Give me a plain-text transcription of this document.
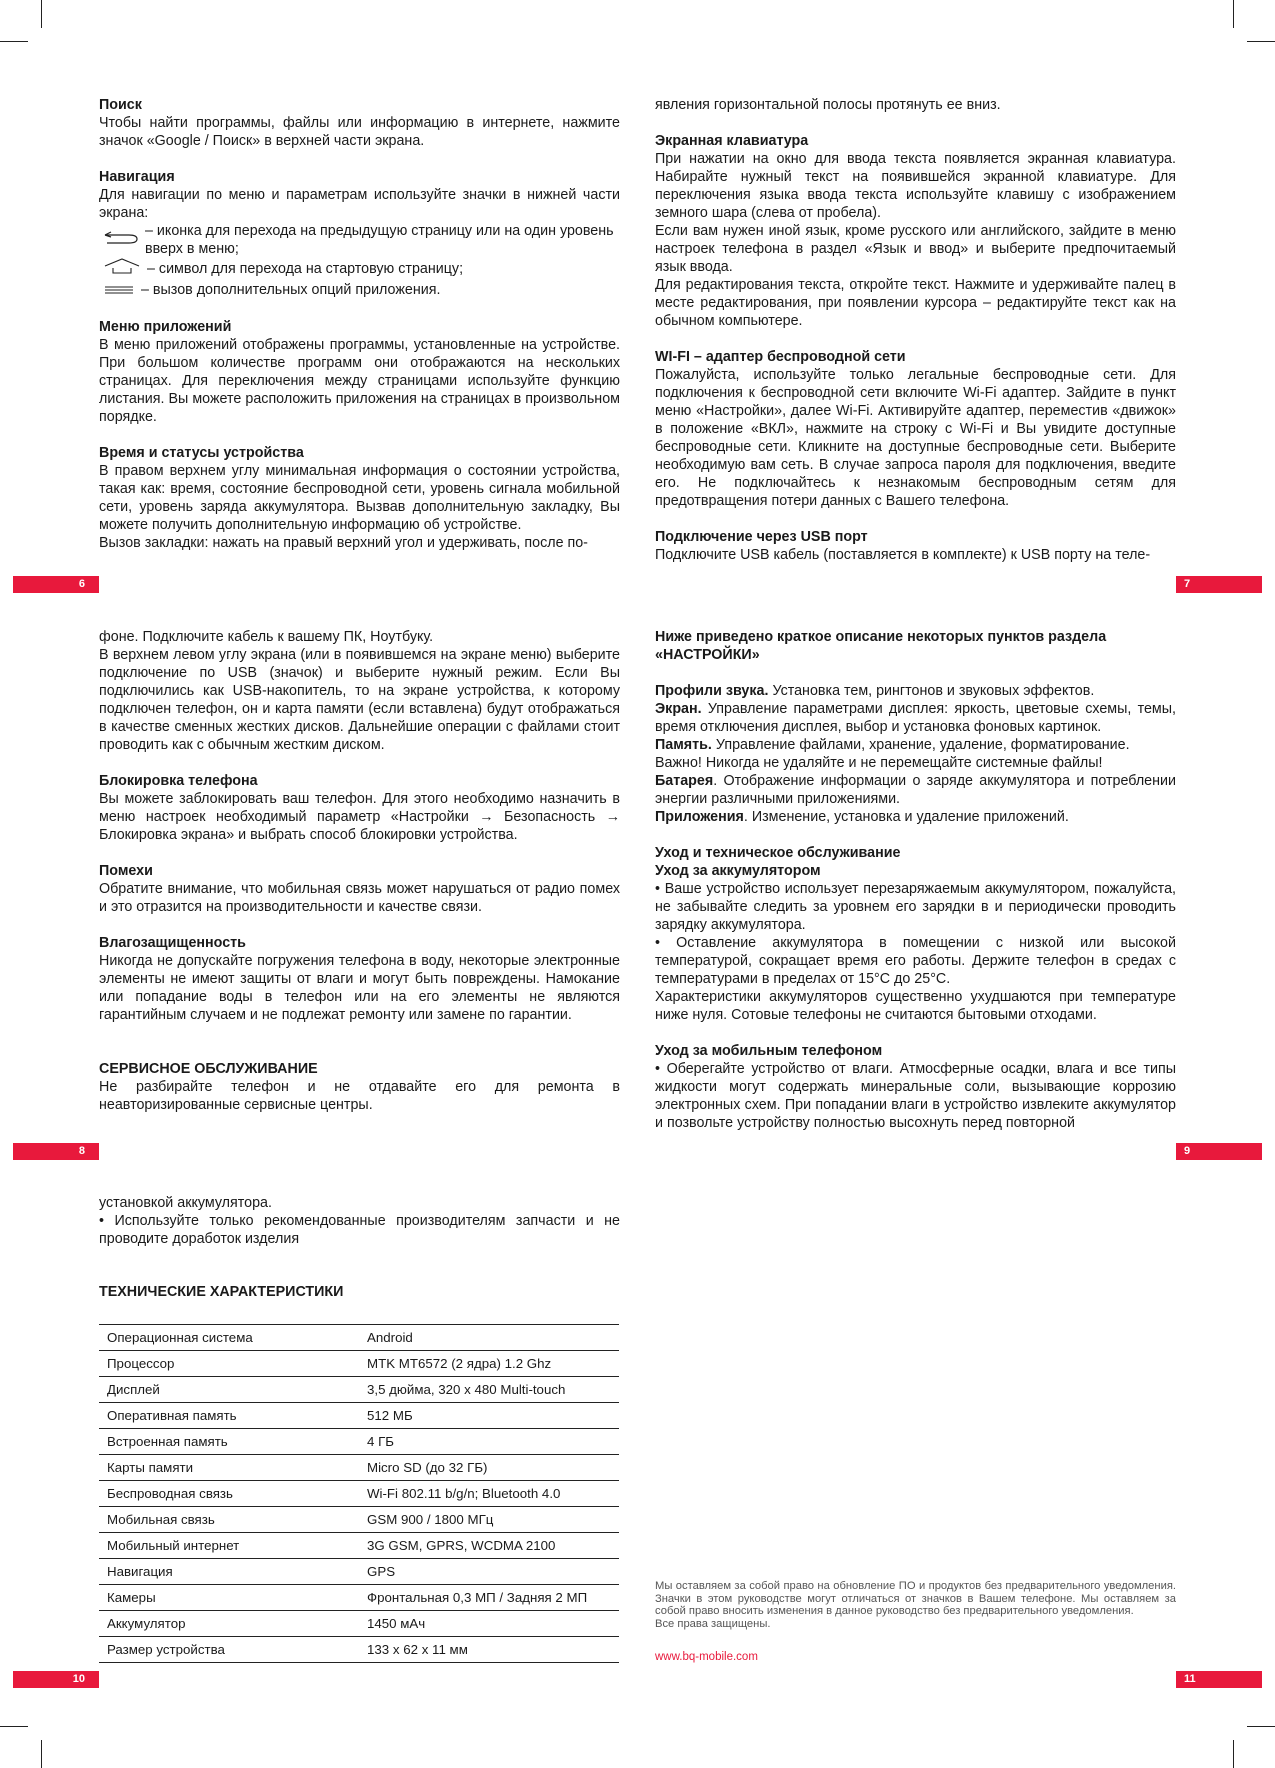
Поиск

Чтобы найти программы, файлы или информацию в интернете, нажмите значок «Google / Поиск» в верхней части экрана.

Навигация

Для навигации по меню и параметрам используйте значки в нижней части экрана:

– иконка для перехода на предыдущую страницу или на один уровень вверх в меню;
– символ для перехода на стартовую страницу;
– вызов дополнительных опций приложения.
Меню приложений

В меню приложений отображены программы, установленные на устройстве. При большом количестве программ они отображаются на нескольких страницах. Для переключения между страницами используйте функцию листания. Вы можете расположить приложения на страницах в произвольном порядке.

Время и статусы устройства

В правом верхнем углу минимальная информация о состоянии устройства, такая как: время, состояние беспроводной сети, уровень сигнала мобильной сети, уровень заряда аккумулятора. Вызвав дополнительную закладку, Вы можете получить дополнительную информацию об устройстве.

Вызов закладки: нажать на правый верхний угол и удерживать, после по-

явления горизонтальной полосы протянуть ее вниз.

Экранная клавиатура

При нажатии на окно для ввода текста появляется экранная клавиатура. Набирайте нужный текст на появившейся экранной клавиатуре. Для переключения языка ввода текста используйте клавишу с изображением земного шара (слева от пробела).

Если вам нужен иной язык, кроме русского или английского, зайдите в меню настроек телефона в раздел «Язык и ввод» и выберите предпочитаемый язык ввода.

Для редактирования текста, откройте текст. Нажмите и удерживайте палец в месте редактирования, при появлении курсора – редактируйте текст как на обычном компьютере.

WI-FI – адаптер беспроводной сети

Пожалуйста, используйте только легальные беспроводные сети. Для подключения к беспроводной сети включите Wi-Fi адаптер. Зайдите в пункт меню «Настройки», далее Wi-Fi. Активируйте адаптер, переместив «движок» в положение «ВКЛ», нажмите на строку с Wi-Fi и Вы увидите доступные беспроводные сети. Кликните на доступные беспроводные сети. Выберите необходимую вам сеть. В случае запроса пароля для подключения, введите его. Не подключайтесь к незнакомым беспроводным сетям для предотвращения потери данных с Вашего телефона.

Подключение через USB порт

Подключите USB кабель (поставляется в комплекте) к USB порту на теле-

фоне. Подключите кабель к вашему ПК, Ноутбуку.

В верхнем левом углу экрана (или в появившемся на экране меню) выберите подключение по USB (значок) и выберите нужный режим. Если Вы подключились как USB-накопитель, то на экране устройства, к которому подключен телефон, он и карта памяти (если вставлена) будут отображаться в качестве сменных жестких дисков. Дальнейшие операции с файлами стоит проводить как с обычным жестким диском.

Блокировка телефона

Вы можете заблокировать ваш телефон. Для этого необходимо назначить в меню настроек необходимый параметр «Настройки → Безопасность → Блокировка экрана» и выбрать способ блокировки устройства.

Помехи

Обратите внимание, что мобильная связь может нарушаться от радио помех и это отразится на производительности и качестве связи.

Влагозащищенность

Никогда не допускайте погружения телефона в воду, некоторые электронные элементы не имеют защиты от влаги и могут быть повреждены. Намокание или попадание воды в телефон или на его элементы не являются гарантийным случаем и не подлежат ремонту или замене по гарантии.

СЕРВИСНОЕ ОБСЛУЖИВАНИЕ

Не разбирайте телефон и не отдавайте его для ремонта в неавторизированные сервисные центры.

Ниже приведено краткое описание некоторых пунктов раздела «НАСТРОЙКИ»

Профили звука. Установка тем, рингтонов и звуковых эффектов.

Экран. Управление параметрами дисплея: яркость, цветовые схемы, темы, время отключения дисплея, выбор и установка фоновых картинок.

Память. Управление файлами, хранение, удаление, форматирование.

Важно! Никогда не удаляйте и не перемещайте системные файлы!

Батарея. Отображение информации о заряде аккумулятора и потреблении энергии различными приложениями.

Приложения. Изменение, установка и удаление приложений.

Уход и техническое обслуживание
Уход за аккумулятором

• Ваше устройство использует перезаряжаемым аккумулятором, пожалуйста, не забывайте следить за уровнем его зарядки в и периодически проводить зарядку аккумулятора.

• Оставление аккумулятора в помещении с низкой или высокой температурой, сокращает время его работы. Держите телефон в средах с температурами в пределах от 15°C до 25°C.

Характеристики аккумуляторов существенно ухудшаются при температуре ниже нуля. Сотовые телефоны не считаются бытовыми отходами.

Уход за мобильным телефоном

• Оберегайте устройство от влаги. Атмосферные осадки, влага и все типы жидкости могут содержать минеральные соли, вызывающие коррозию электронных схем. При попадании влаги в устройство извлеките аккумулятор и позвольте устройству полностью высохнуть перед повторной

установкой аккумулятора.

• Используйте только рекомендованные производителям запчасти и не проводите доработок изделия

6	7
8	9
10	11
ТЕХНИЧЕСКИЕ ХАРАКТЕРИСТИКИ
Операционная система	Android
Процессор	MTK MT6572 (2 ядра) 1.2 Ghz
Дисплей	3,5 дюйма, 320 x 480 Multi-touch
Оперативная память	512 МБ
Встроенная память	4 ГБ
Карты памяти	Micro SD (до 32 ГБ)
Беспроводная связь	Wi-Fi 802.11 b/g/n; Bluetooth 4.0
Мобильная связь	GSM 900 / 1800 МГц
Мобильный интернет	3G GSM, GPRS, WCDMA 2100
Навигация	GPS
Камеры	Фронтальная 0,3 МП / Задняя 2 МП
Аккумулятор	1450 мАч
Размер устройства	133 x 62 x 11 мм
Мы оставляем за собой право на обновление ПО и продуктов без предварительного уведомления. Значки в этом руководстве могут отличаться от значков в Вашем телефоне. Мы оставляем за собой право вносить изменения в данное руководство без предварительного уведомления.
Все права защищены.
www.bq-mobile.com
